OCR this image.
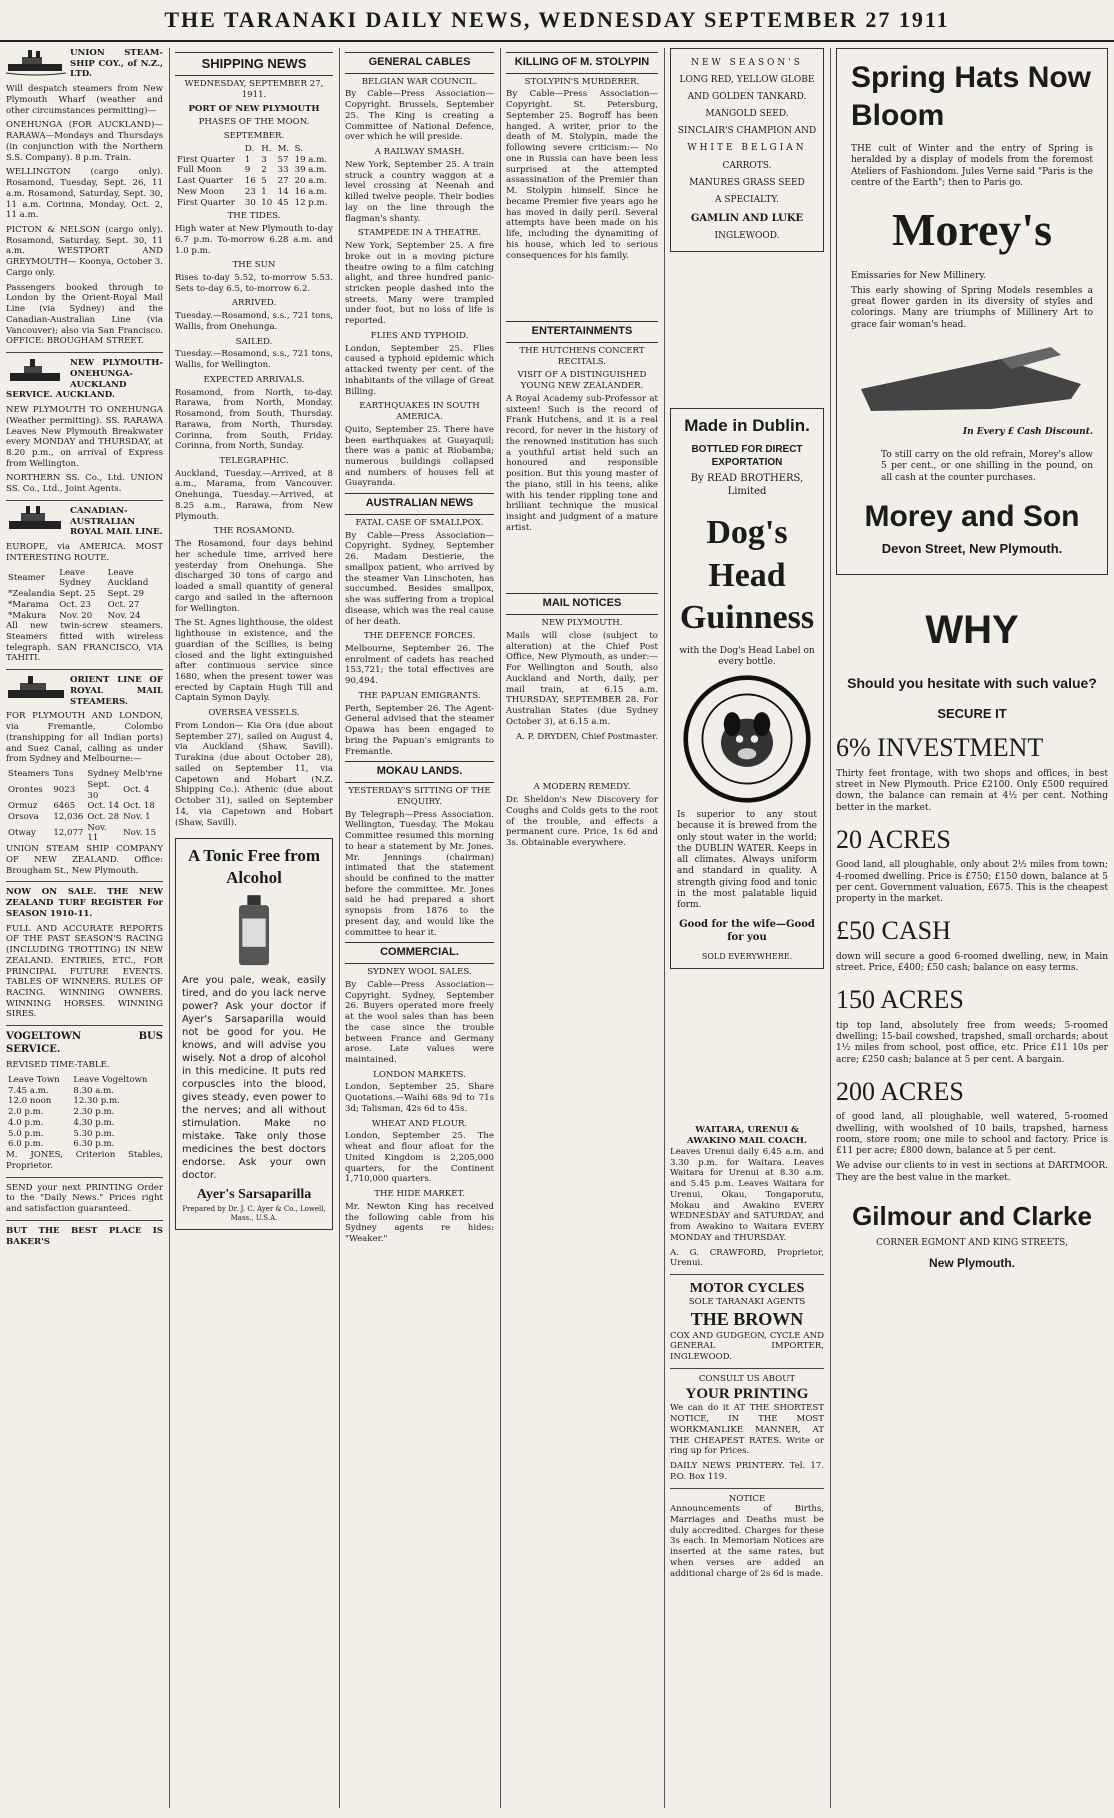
THE TARANAKI DAILY NEWS, WEDNESDAY SEPTEMBER 27 1911

UNION STEAM-SHIP COY., of N.Z., LTD.

Will despatch steamers from New Plymouth Wharf (weather and other circumstances permitting)—

ONEHUNGA (FOR AUCKLAND)— RARAWA—Mondays and Thursdays (in conjunction with the Northern S.S. Company). 8 p.m. Train.

WELLINGTON (cargo only). Rosamond, Tuesday, Sept. 26, 11 a.m. Rosamond, Saturday, Sept. 30, 11 a.m. Corinna, Monday, Oct. 2, 11 a.m.

PICTON & NELSON (cargo only). Rosamond, Saturday, Sept. 30, 11 a.m. WESTPORT AND GREYMOUTH— Koonya, October 3. Cargo only.

Passengers booked through to London by the Orient-Royal Mail Line (via Sydney) and the Canadian-Australian Line (via Vancouver); also via San Francisco. OFFICE: BROUGHAM STREET.

NEW PLYMOUTH-ONEHUNGA-AUCKLAND SERVICE. AUCKLAND.

NEW PLYMOUTH TO ONEHUNGA (Weather permitting). SS. RARAWA Leaves New Plymouth Breakwater every MONDAY and THURSDAY, at 8.20 p.m., on arrival of Express from Wellington.

NORTHERN SS. Co., Ltd. UNION SS. Co., Ltd., Joint Agents.

CANADIAN-AUSTRALIAN ROYAL MAIL LINE.

EUROPE, via AMERICA. MOST INTERESTING ROUTE.

Steamer	Leave Sydney	Leave Auckland
*Zealandia	Sept. 25	Sept. 29
*Marama	Oct. 23	Oct. 27
*Makura	Nov. 20	Nov. 24

All new twin-screw steamers. Steamers fitted with wireless telegraph. SAN FRANCISCO, VIA TAHITI.

ORIENT LINE OF ROYAL MAIL STEAMERS.

FOR PLYMOUTH AND LONDON, via Fremantle, Colombo (transhipping for all Indian ports) and Suez Canal, calling as under from Sydney and Melbourne:—

Steamers	Tons	Sydney	Melb'rne
Orontes	9023	Sept. 30	Oct. 4
Ormuz	6465	Oct. 14	Oct. 18
Orsova	12,036	Oct. 28	Nov. 1
Otway	12,077	Nov. 11	Nov. 15

UNION STEAM SHIP COMPANY OF NEW ZEALAND. Office: Brougham St., New Plymouth.

NOW ON SALE. THE NEW ZEALAND TURF REGISTER For SEASON 1910-11.

FULL AND ACCURATE REPORTS OF THE PAST SEASON'S RACING (INCLUDING TROTTING) IN NEW ZEALAND. ENTRIES, ETC., FOR PRINCIPAL FUTURE EVENTS. TABLES OF WINNERS. RULES OF RACING. WINNING OWNERS. WINNING HORSES. WINNING SIRES.

VOGELTOWN BUS SERVICE.

REVISED TIME-TABLE.

Leave Town	Leave Vogeltown
7.45 a.m.	8.30 a.m.
12.0 noon	12.30 p.m.
2.0 p.m.	2.30 p.m.
4.0 p.m.	4.30 p.m.
5.0 p.m.	5.30 p.m.
6.0 p.m.	6.30 p.m.

M. JONES, Criterion Stables, Proprietor.

SEND your next PRINTING Order to the "Daily News." Prices right and satisfaction guaranteed.

BUT THE BEST PLACE IS BAKER'S

SHIPPING NEWS
WEDNESDAY, SEPTEMBER 27, 1911.
PORT OF NEW PLYMOUTH
PHASES OF THE MOON.
SEPTEMBER.
	D.	H.	M.	S.
First Quarter	1	3	57	19 a.m.
Full Moon	9	2	33	39 a.m.
Last Quarter	16	5	27	20 a.m.
New Moon	23	1	14	16 a.m.
First Quarter	30	10	45	12 p.m.
THE TIDES.

High water at New Plymouth to-day 6.7 p.m. To-morrow 6.28 a.m. and 1.0 p.m.

THE SUN

Rises to-day 5.52, to-morrow 5.53. Sets to-day 6.5, to-morrow 6.2.

ARRIVED.

Tuesday.—Rosamond, s.s., 721 tons, Wallis, from Onehunga.

SAILED.

Tuesday.—Rosamond, s.s., 721 tons, Wallis, for Wellington.

EXPECTED ARRIVALS.

Rosamond, from North, to-day. Rarawa, from North, Monday. Rosamond, from South, Thursday. Rarawa, from North, Thursday. Corinna, from South, Friday. Corinna, from North, Sunday.

TELEGRAPHIC.

Auckland, Tuesday.—Arrived, at 8 a.m., Marama, from Vancouver. Onehunga, Tuesday.—Arrived, at 8.25 a.m., Rarawa, from New Plymouth.

THE ROSAMOND.

The Rosamond, four days behind her schedule time, arrived here yesterday from Onehunga. She discharged 30 tons of cargo and loaded a small quantity of general cargo and sailed in the afternoon for Wellington.

The St. Agnes lighthouse, the oldest lighthouse in existence, and the guardian of the Scillies, is being closed and the light extinguished after continuous service since 1680, when the present tower was erected by Captain Hugh Till and Captain Symon Dayly.

OVERSEA VESSELS.

From London— Kia Ora (due about September 27), sailed on August 4, via Auckland (Shaw, Savill). Turakina (due about October 28), sailed on September 11, via Capetown and Hobart (N.Z. Shipping Co.). Athenic (due about October 31), sailed on September 14, via Capetown and Hobart (Shaw, Savill).

A Tonic Free from Alcohol

Are you pale, weak, easily tired, and do you lack nerve power? Ask your doctor if Ayer's Sarsaparilla would not be good for you. He knows, and will advise you wisely. Not a drop of alcohol in this medicine. It puts red corpuscles into the blood, gives steady, even power to the nerves; and all without stimulation. Make no mistake. Take only those medicines the best doctors endorse. Ask your own doctor.

Ayer's Sarsaparilla
Prepared by Dr. J. C. Ayer & Co., Lowell, Mass., U.S.A.
GENERAL CABLES
BELGIAN WAR COUNCIL.

By Cable—Press Association—Copyright. Brussels, September 25. The King is creating a Committee of National Defence, over which he will preside.

A RAILWAY SMASH.

New York, September 25. A train struck a country waggon at a level crossing at Neenah and killed twelve people. Their bodies lay on the line through the flagman's shanty.

STAMPEDE IN A THEATRE.

New York, September 25. A fire broke out in a moving picture theatre owing to a film catching alight, and three hundred panic-stricken people dashed into the streets. Many were trampled under foot, but no loss of life is reported.

FLIES AND TYPHOID.

London, September 25. Flies caused a typhoid epidemic which attacked twenty per cent. of the inhabitants of the village of Great Billing.

EARTHQUAKES IN SOUTH AMERICA.

Quito, September 25. There have been earthquakes at Guayaquil; there was a panic at Riobamba; numerous buildings collapsed and numbers of houses fell at Guayranda.

AUSTRALIAN NEWS
FATAL CASE OF SMALLPOX.

By Cable—Press Association—Copyright. Sydney, September 26. Madam Destierie, the smallpox patient, who arrived by the steamer Van Linschoten, has succumbed. Besides smallpox, she was suffering from a tropical disease, which was the real cause of her death.

THE DEFENCE FORCES.

Melbourne, September 26. The enrolment of cadets has reached 153,721; the total effectives are 90,494.

THE PAPUAN EMIGRANTS.

Perth, September 26. The Agent-General advised that the steamer Opawa has been engaged to bring the Papuan's emigrants to Fremantle.

MOKAU LANDS.
YESTERDAY'S SITTING OF THE ENQUIRY.

By Telegraph—Press Association. Wellington, Tuesday. The Mokau Committee resumed this morning to hear a statement by Mr. Jones. Mr. Jennings (chairman) intimated that the statement should be confined to the matter before the committee. Mr. Jones said he had prepared a short synopsis from 1876 to the present day, and would like the committee to hear it.

COMMERCIAL.
SYDNEY WOOL SALES.

By Cable—Press Association—Copyright. Sydney, September 26. Buyers operated more freely at the wool sales than has been the case since the trouble between France and Germany arose. Late values were maintained.

LONDON MARKETS.

London, September 25. Share Quotations.—Waihi 68s 9d to 71s 3d; Talisman, 42s 6d to 45s.

WHEAT AND FLOUR.

London, September 25. The wheat and flour afloat for the United Kingdom is 2,205,000 quarters, for the Continent 1,710,000 quarters.

THE HIDE MARKET.

Mr. Newton King has received the following cable from his Sydney agents re hides: "Weaker."

KILLING OF M. STOLYPIN
STOLYPIN'S MURDERER.

By Cable—Press Association—Copyright. St. Petersburg, September 25. Bogroff has been hanged. A writer, prior to the death of M. Stolypin, made the following severe criticism:— No one in Russia can have been less surprised at the attempted assassination of the Premier than M. Stolypin himself. Since he became Premier five years ago he has moved in daily peril. Several attempts have been made on his life, including the dynamiting of his house, which led to serious consequences for his family.

ENTERTAINMENTS
THE HUTCHENS CONCERT RECITALS.
VISIT OF A DISTINGUISHED YOUNG NEW ZEALANDER.

A Royal Academy sub-Professor at sixteen! Such is the record of Frank Hutchens, and it is a real record, for never in the history of the renowned institution has such a youthful artist held such an honoured and responsible position. But this young master of the piano, still in his teens, alike with his tender rippling tone and brilliant technique the musical insight and judgment of a mature artist.

MAIL NOTICES
NEW PLYMOUTH.

Mails will close (subject to alteration) at the Chief Post Office, New Plymouth, as under:— For Wellington and South, also Auckland and North, daily, per mail train, at 6.15 a.m. THURSDAY, SEPTEMBER 28. For Australian States (due Sydney October 3), at 6.15 a.m.

A. P. DRYDEN, Chief Postmaster.

A MODERN REMEDY.

Dr. Sheldon's New Discovery for Coughs and Colds gets to the root of the trouble, and effects a permanent cure. Price, 1s 6d and 3s. Obtainable everywhere.

NEW SEASON'S
LONG RED, YELLOW GLOBE
AND GOLDEN TANKARD.
MANGOLD SEED.
SINCLAIR'S CHAMPION AND
WHITE BELGIAN
CARROTS.
MANURES GRASS SEED
A SPECIALTY.
GAMLIN AND LUKE
INGLEWOOD.
Made in Dublin.
BOTTLED FOR DIRECT EXPORTATION
By READ BROTHERS, Limited
Dog's Head
Guinness
with the Dog's Head Label on every bottle.

Is superior to any stout because it is brewed from the only stout water in the world; the DUBLIN WATER. Keeps in all climates. Always uniform and standard in quality. A strength giving food and tonic in the most palatable liquid form.

Good for the wife—Good for you
SOLD EVERYWHERE.
WAITARA, URENUI & AWAKINO MAIL COACH.

Leaves Urenui daily 6.45 a.m. and 3.30 p.m. for Waitara. Leaves Waitara for Urenui at 8.30 a.m. and 5.45 p.m. Leaves Waitara for Urenui, Okau, Tongaporutu, Mokau and Awakino EVERY WEDNESDAY and SATURDAY, and from Awakino to Waitara EVERY MONDAY and THURSDAY.

A. G. CRAWFORD, Proprietor, Urenui.

MOTOR CYCLES
SOLE TARANAKI AGENTS
THE BROWN

COX AND GUDGEON, CYCLE AND GENERAL IMPORTER, INGLEWOOD.

CONSULT US ABOUT
YOUR PRINTING

We can do it AT THE SHORTEST NOTICE, IN THE MOST WORKMANLIKE MANNER, AT THE CHEAPEST RATES. Write or ring up for Prices.

DAILY NEWS PRINTERY. Tel. 17. P.O. Box 119.

NOTICE

Announcements of Births, Marriages and Deaths must be duly accredited. Charges for these 3s each. In Memoriam Notices are inserted at the same rates, but when verses are added an additional charge of 2s 6d is made.

Spring Hats Now Bloom

THE cult of Winter and the entry of Spring is heralded by a display of models from the foremost Ateliers of Fashiondom. Jules Verne said "Paris is the centre of the Earth"; then to Paris go.

Morey's

Emissaries for New Millinery.

This early showing of Spring Models resembles a great flower garden in its diversity of styles and colorings. Many are triumphs of Millinery Art to grace fair woman's head.

In Every £ Cash Discount.

To still carry on the old refrain, Morey's allow 5 per cent., or one shilling in the pound, on all cash at the counter purchases.

Morey and Son
Devon Street, New Plymouth.
WHY
Should you hesitate with such value?
SECURE IT
6% INVESTMENT

Thirty feet frontage, with two shops and offices, in best street in New Plymouth. Price £2100. Only £500 required down, the balance can remain at 4½ per cent. Nothing better in the market.

20 ACRES

Good land, all ploughable, only about 2½ miles from town; 4-roomed dwelling. Price is £750; £150 down, balance at 5 per cent. Government valuation, £675. This is the cheapest property in the market.

£50 CASH

down will secure a good 6-roomed dwelling, new, in Main street. Price, £400; £50 cash; balance on easy terms.

150 ACRES

tip top land, absolutely free from weeds; 5-roomed dwelling; 15-bail cowshed, trapshed, small orchards; about 1½ miles from school, post office, etc. Price £11 10s per acre; £250 cash; balance at 5 per cent. A bargain.

200 ACRES

of good land, all ploughable, well watered, 5-roomed dwelling, with woolshed of 10 bails, trapshed, harness room, store room; one mile to school and factory. Price is £11 per acre; £800 down, balance at 5 per cent.

We advise our clients to in vest in sections at DARTMOOR. They are the best value in the market.

Gilmour and Clarke
CORNER EGMONT AND KING STREETS,
New Plymouth.
